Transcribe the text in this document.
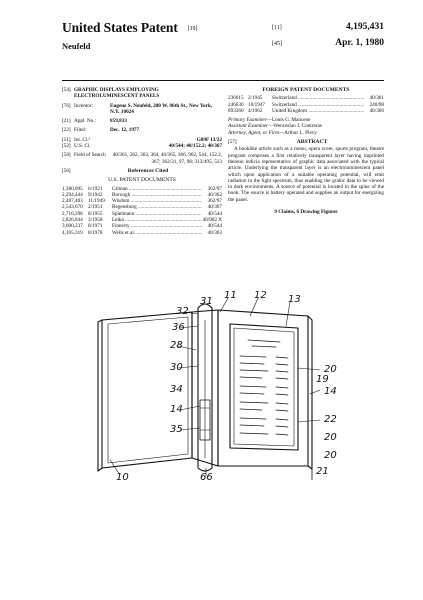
United States Patent [19]
Neufeld
[11]	4,195,431
[45]	Apr. 1, 1980
[54] GRAPHIC DISPLAYS EMPLOYING ELECTROLUMINESCENT PANELS
[76] Inventor:	Eugene S. Neufeld, 200 W. 86th St., New York, N.Y. 10024
[21] Appl. No.:	859,833
[22] Filed:	Dec. 12, 1977
[51] Int. Cl.²	G09F 13/22
[52] U.S. Cl.	40/544; 40/152.2; 40/367
[58] Field of Search	40/361, 362, 363, 364, 40/365, 366, 902, 544, 152.2, 367; 362/31, 97, 98; 313/495, 513
[56]	References Cited
U.S. PATENT DOCUMENTS
1,380,895	6/1921	Gilman .....	362/97
2,294,444	9/1942	Borough .....	40/362
2,487,403	11/1949	Wisdom .....	362/97
2,543,670	2/1951	Regensburg .....	40/367
2,716,298	8/1955	Spielmann .....	40/544
2,826,844	3/1958	Leika .....	40/902 X
3,600,237	8/1971	Finnerty .....	40/544
4,105,319	8/1978	Wells et al. .....	40/363
FOREIGN PATENT DOCUMENTS
236615 2/1945	Switzerland .....	40/361
246630 10/1947	Switzerland .....	240/98
893360 4/1962	United Kingdom .....	40/366
Primary Examiner—Louis G. Mancene
Assistant Examiner—Wenceslao J. Contreras
Attorney, Agent, or Firm—Arthur L. Plevy
[57]	ABSTRACT
A booklike article such as a menu, opera score, sports program, theatre program comprises a first relatively transparent layer having imprinted thereon indicia representative of graphic data associated with the typical article. Underlying the transparent layer is an electroluminescent panel which upon application of a suitable operating potential, will emit radiation in the light spectrum, thus enabling the grahic data to be viewed in dark environments. A source of potential is located in the spine of the book. The source is battery operated and supplies an output for energizing the panel.
9 Claims, 6 Drawing Figures
11 12 13
32
36
28
30
14
35
34
31
10	66
20
14
19
22
20
20
21
